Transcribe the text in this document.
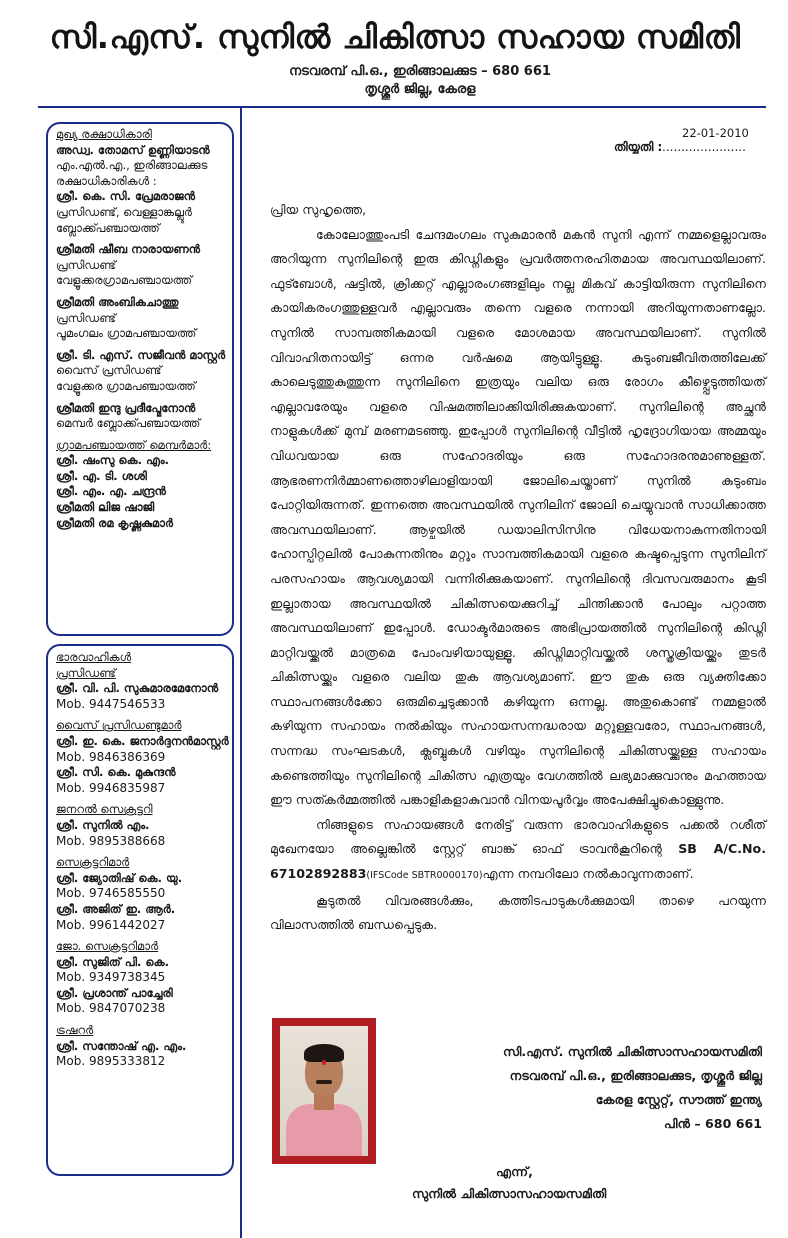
സി.എസ്. സുനിൽ ചികിത്സാ സഹായ സമിതി
നടവരമ്പ് പി.ഒ., ഇരിങ്ങാലക്കുട – 680 661
തൃശ്ശൂർ ജില്ല, കേരള

മുഖ്യ രക്ഷാധികാരി

അഡ്വ. തോമസ് ഉണ്ണിയാടൻ

എം.എൽ.എ., ഇരിങ്ങാലക്കുട

രക്ഷാധികാരികൾ :

ശ്രീ. കെ. സി. പ്രേമരാജൻ

പ്രസിഡണ്ട്, വെള്ളാങ്കല്ലൂർ

ബ്ലോക്ക്പഞ്ചായത്ത്

ശ്രീമതി ഷീബ നാരായണൻ

പ്രസിഡണ്ട്

വേളൂക്കരഗ്രാമപഞ്ചായത്ത്

ശ്രീമതി അംബികചാത്തു

പ്രസിഡണ്ട്

പൂമംഗലം ഗ്രാമപഞ്ചായത്ത്

ശ്രീ. ടി. എസ്. സജീവൻ മാസ്റ്റർ

വൈസ് പ്രസിഡണ്ട്

വേളൂക്കര ഗ്രാമപഞ്ചായത്ത്

ശ്രീമതി ഇന്ദു പ്രദീപ്മേനോൻ

മെമ്പർ ബ്ലോക്ക്പഞ്ചായത്ത്

ഗ്രാമപഞ്ചായത്ത് മെമ്പർമാർ:

ശ്രീ. ഷംസു കെ. എം.

ശ്രീ. എ. ടി. ശശി

ശ്രീ. എം. എ. ചന്ദ്രൻ

ശ്രീമതി ലിജ ഷാജി

ശ്രീമതി രമ കൃഷ്ണകുമാർ

ഭാരവാഹികൾ

പ്രസിഡണ്ട്

ശ്രീ. വി. പി. സുകുമാരമേനോൻ

Mob. 9447546533

വൈസ് പ്രസിഡണ്ടുമാർ

ശ്രീ. ഇ. കെ. ജനാർദ്ദനൻമാസ്റ്റർ

Mob. 9846386369

ശ്രീ. സി. കെ. മുകുന്ദൻ

Mob. 9946835987

ജനറൽ സെക്രട്ടറി

ശ്രീ. സുനിൽ എം.

Mob. 9895388668

സെക്രട്ടറിമാർ

ശ്രീ. ജ്യോതിഷ് കെ. യു.

Mob. 9746585550

ശ്രീ. അജിത് ഇ. ആർ.

Mob. 9961442027

ജോ. സെക്രട്ടറിമാർ

ശ്രീ. സുജിത് പി. കെ.

Mob. 9349738345

ശ്രീ. പ്രശാന്ത് പാച്ചേരി

Mob. 9847070238

ട്രഷറർ

ശ്രീ. സന്തോഷ് എ. എം.

Mob. 9895333812

22-01-2010
തിയ്യതി : ......................

പ്രിയ സുഹൃത്തെ,

കോലോത്തുംപടി ചേന്ദമംഗലം സുകുമാരൻ മകൻ സുനി എന്ന് നമ്മളെല്ലാവരും അറിയുന്ന സുനിലിന്റെ ഇരു കിഡ്നികളും പ്രവർത്തനരഹിതമായ അവസ്ഥയിലാണ്. ഫുട്ബോൾ, ഷട്ടിൽ, ക്രിക്കറ്റ് എല്ലാരംഗങ്ങളിലും നല്ല മികവ് കാട്ടിയിരുന്ന സുനിലിനെ കായികരംഗത്തുള്ളവർ എല്ലാവരും തന്നെ വളരെ നന്നായി അറിയുന്നതാണല്ലോ. സുനിൽ സാമ്പത്തികമായി വളരെ മോശമായ അവസ്ഥയിലാണ്. സുനിൽ വിവാഹിതനായിട്ട് ഒന്നര വർഷമെ ആയിട്ടുള്ളൂ. കുടുംബജീവിതത്തിലേക്ക് കാലെടുത്തുകുത്തുന്ന സുനിലിനെ ഇത്രയും വലിയ ഒരു രോഗം കീഴ്പ്പെടുത്തിയത് എല്ലാവരേയും വളരെ വിഷമത്തിലാക്കിയിരിക്കുകയാണ്. സുനിലിന്റെ അച്ഛൻ നാളുകൾക്ക് മുമ്പ് മരണമടഞ്ഞു. ഇപ്പോൾ സുനിലിന്റെ വീട്ടിൽ ഹൃദ്രോഗിയായ അമ്മയും വിധവയായ ഒരു സഹോദരിയും ഒരു സഹോദരനുമാണുള്ളത്. ആഭരണനിർമ്മാണത്തൊഴിലാളിയായി ജോലിചെയ്താണ് സുനിൽ കുടുംബം പോറ്റിയിരുന്നത്. ഇന്നത്തെ അവസ്ഥയിൽ സുനിലിന് ജോലി ചെയ്യുവാൻ സാധിക്കാത്ത അവസ്ഥയിലാണ്. ആഴ്ചയിൽ ഡയാലിസിസിനു വിധേയനാകുന്നതിനായി ഹോസ്പിറ്റലിൽ പോകുന്നതിനും മറ്റും സാമ്പത്തികമായി വളരെ കഷ്ടപ്പെടുന്ന സുനിലിന് പരസഹായം ആവശ്യമായി വന്നിരിക്കുകയാണ്. സുനിലിന്റെ ദിവസവരുമാനം കൂടി ഇല്ലാതായ അവസ്ഥയിൽ ചികിത്സയെക്കുറിച്ച് ചിന്തിക്കാൻ പോലും പറ്റാത്ത അവസ്ഥയിലാണ് ഇപ്പോൾ. ഡോക്ടർമാരുടെ അഭിപ്രായത്തിൽ സുനിലിന്റെ കിഡ്നി മാറ്റിവയ്ക്കൽ മാത്രമെ പോംവഴിയായുള്ളൂ. കിഡ്നിമാറ്റിവയ്ക്കൽ ശസ്ത്രക്രിയയ്ക്കും തുടർ ചികിത്സയ്ക്കും വളരെ വലിയ തുക ആവശ്യമാണ്. ഈ തുക ഒരു വ്യക്തിക്കോ സ്ഥാപനങ്ങൾക്കോ ഒരുമിച്ചെടുക്കാൻ കഴിയുന്ന ഒന്നല്ല. അതുകൊണ്ട് നമ്മളാൽ കഴിയുന്ന സഹായം നൽകിയും സഹായസന്നദ്ധരായ മറ്റുള്ളവരോ, സ്ഥാപനങ്ങൾ, സന്നദ്ധ സംഘടകൾ, ക്ലബ്ബുകൾ വഴിയും സുനിലിന്റെ ചികിത്സയ്ക്കുള്ള സഹായം കണ്ടെത്തിയും സുനിലിന്റെ ചികിത്സ എത്രയും വേഗത്തിൽ ലഭ്യമാക്കുവാനും മഹത്തായ ഈ സത്കർമ്മത്തിൽ പങ്കാളികളാകുവാൻ വിനയപൂർവ്വം അപേക്ഷിച്ചുകൊള്ളുന്നു.

നിങ്ങളുടെ സഹായങ്ങൾ നേരിട്ട് വരുന്ന ഭാരവാഹികളുടെ പക്കൽ റശീത് മുഖേനയോ അല്ലെങ്കിൽ സ്റ്റേറ്റ് ബാങ്ക് ഓഫ് ട്രാവൻകൂറിന്റെ SB A/C.No. 67102892883(IFSCode SBTR0000170)എന്ന നമ്പറിലോ നൽകാവുന്നതാണ്.

കൂടുതൽ വിവരങ്ങൾക്കും, കത്തിടപാടുകൾക്കുമായി താഴെ പറയുന്ന വിലാസത്തിൽ ബന്ധപ്പെടുക.

സി.എസ്. സുനിൽ ചികിത്സാസഹായസമിതി

നടവരമ്പ് പി.ഒ., ഇരിങ്ങാലക്കുട, തൃശ്ശൂർ ജില്ല

കേരള സ്റ്റേറ്റ്, സൗത്ത് ഇന്ത്യ

പിൻ – 680 661

എന്ന്,
സുനിൽ ചികിത്സാസഹായസമിതി
